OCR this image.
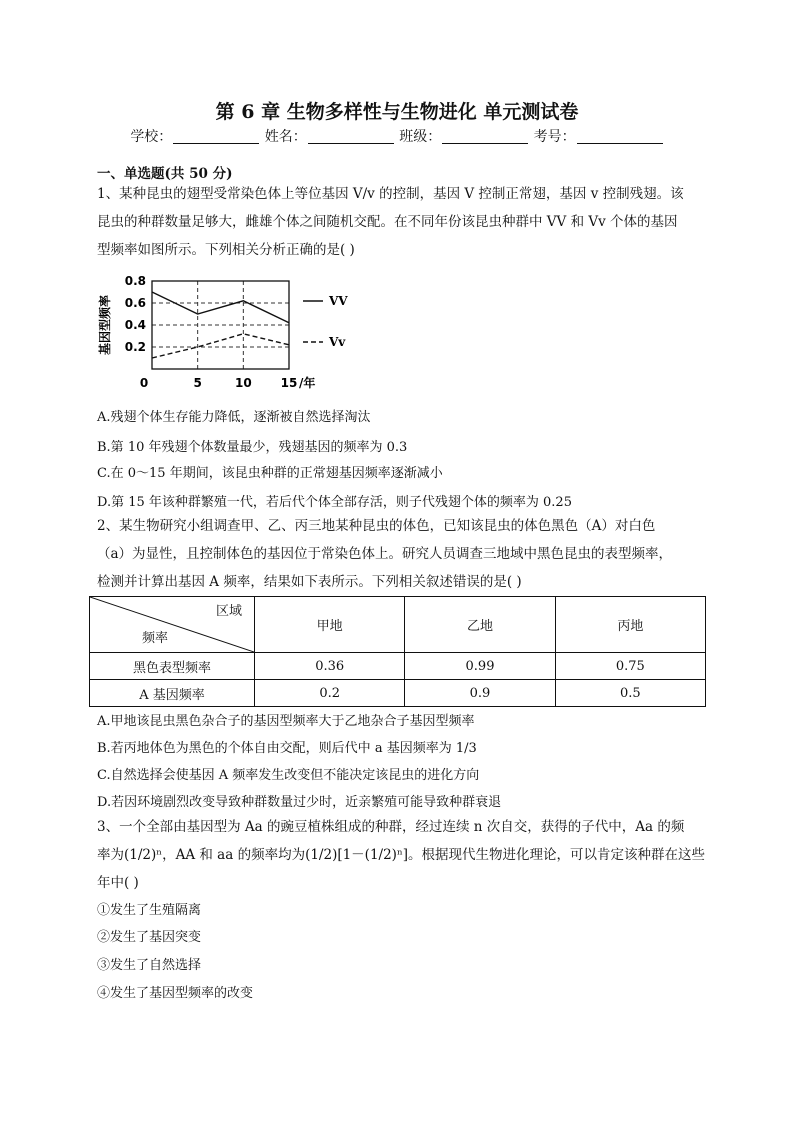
第 6 章 生物多样性与生物进化 单元测试卷
学校：	姓名：	班级：	考号：
一、单选题(共 50 分)
1、某种昆虫的翅型受常染色体上等位基因 V/v 的控制，基因 V 控制正常翅，基因 v 控制残翅。该
昆虫的种群数量足够大，雌雄个体之间随机交配。在不同年份该昆虫种群中 VV 和 Vv 个体的基因
型频率如图所示。下列相关分析正确的是( )
0.2
0.4
0.6
0.8
0	5	10 15 /年
基因型频率	VV
Vv
A.残翅个体生存能力降低，逐渐被自然选择淘汰
B.第 10 年残翅个体数量最少，残翅基因的频率为 0.3
C.在 0～15 年期间，该昆虫种群的正常翅基因频率逐渐减小
D.第 15 年该种群繁殖一代，若后代个体全部存活，则子代残翅个体的频率为 0.25
2、某生物研究小组调查甲、乙、丙三地某种昆虫的体色，已知该昆虫的体色黑色（A）对白色
（a）为显性，且控制体色的基因位于常染色体上。研究人员调查三地域中黑色昆虫的表型频率，
检测并计算出基因 A 频率，结果如下表所示。下列相关叙述错误的是( )
区域
频率	甲地	乙地	丙地
黑色表型频率	0.36	0.99	0.75
A 基因频率	0.2	0.9	0.5
A.甲地该昆虫黑色杂合子的基因型频率大于乙地杂合子基因型频率
B.若丙地体色为黑色的个体自由交配，则后代中 a 基因频率为 1/3
C.自然选择会使基因 A 频率发生改变但不能决定该昆虫的进化方向
D.若因环境剧烈改变导致种群数量过少时，近亲繁殖可能导致种群衰退
3、一个全部由基因型为 Aa 的豌豆植株组成的种群，经过连续 n 次自交，获得的子代中，Aa 的频
率为(1/2)ⁿ，AA 和 aa 的频率均为(1/2)[1－(1/2)ⁿ]。根据现代生物进化理论，可以肯定该种群在这些
年中( )
①发生了生殖隔离
②发生了基因突变
③发生了自然选择
④发生了基因型频率的改变
